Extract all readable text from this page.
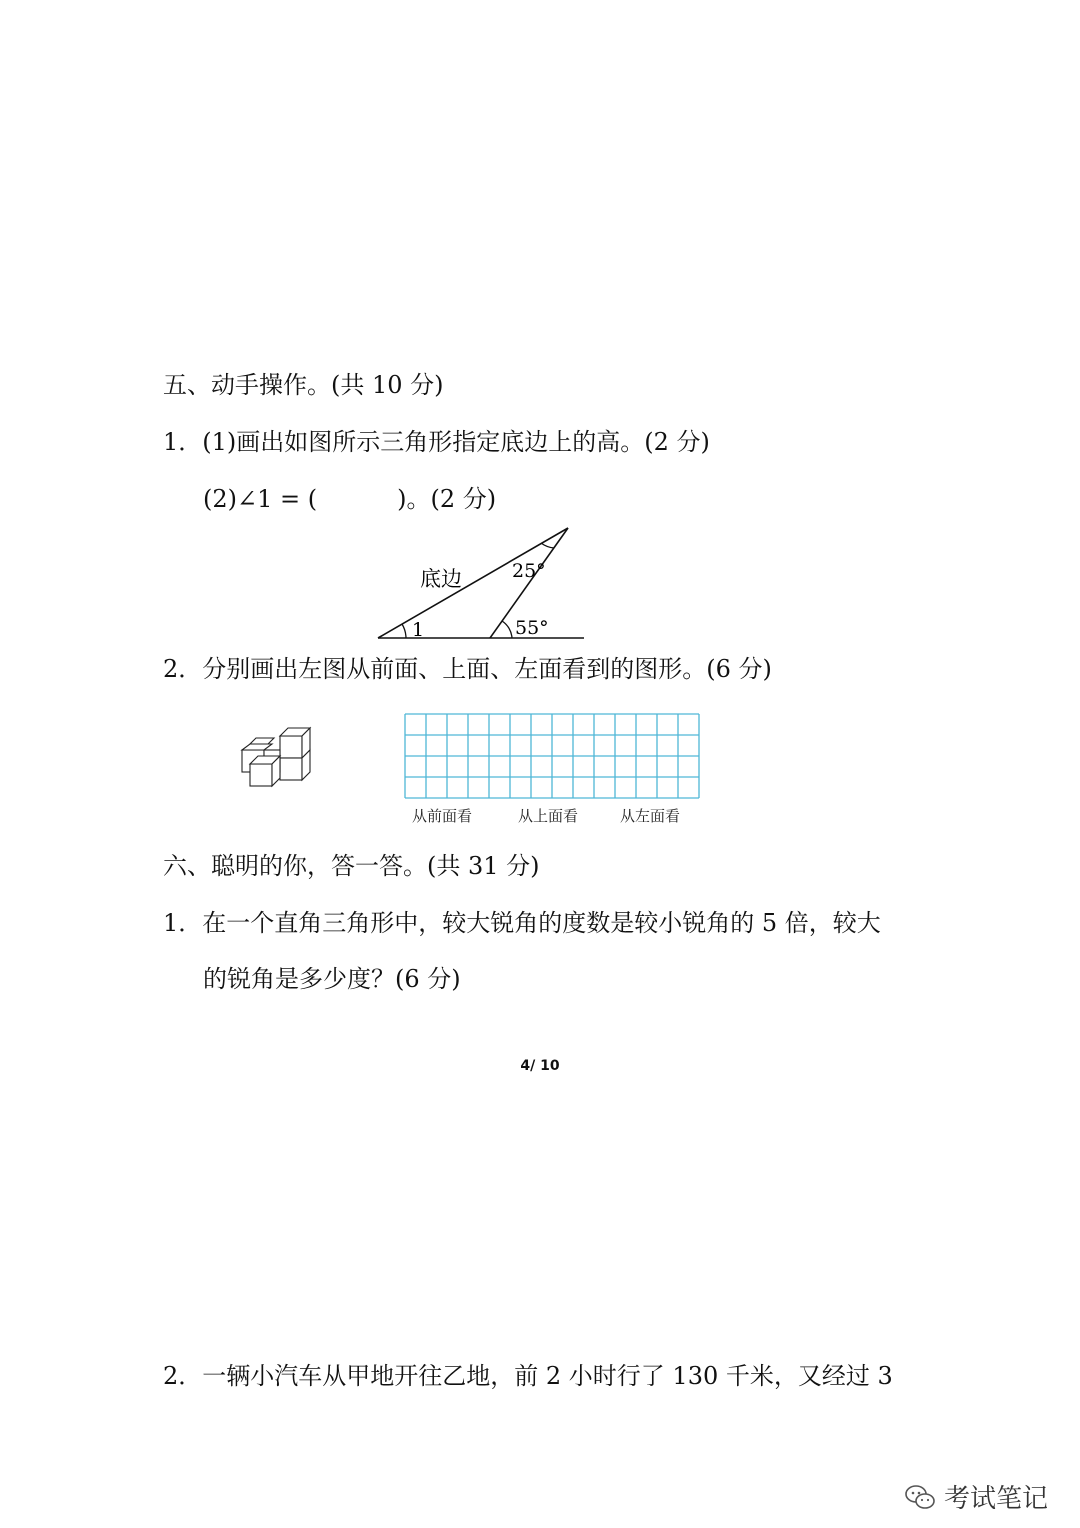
五、动手操作。(共 10 分)
1．(1)画出如图所示三角形指定底边上的高。(2 分)
(2)∠1 = (	)。(2 分)
底边	25°
55°
1
2．分别画出左图从前面、上面、左面看到的图形。(6 分)
从前面看	从上面看	从左面看
六、聪明的你，答一答。(共 31 分)
1．在一个直角三角形中，较大锐角的度数是较小锐角的 5 倍，较大
的锐角是多少度？(6 分)
2．一辆小汽车从甲地开往乙地，前 2 小时行了 130 千米，又经过 3
4/ 10
考试笔记
